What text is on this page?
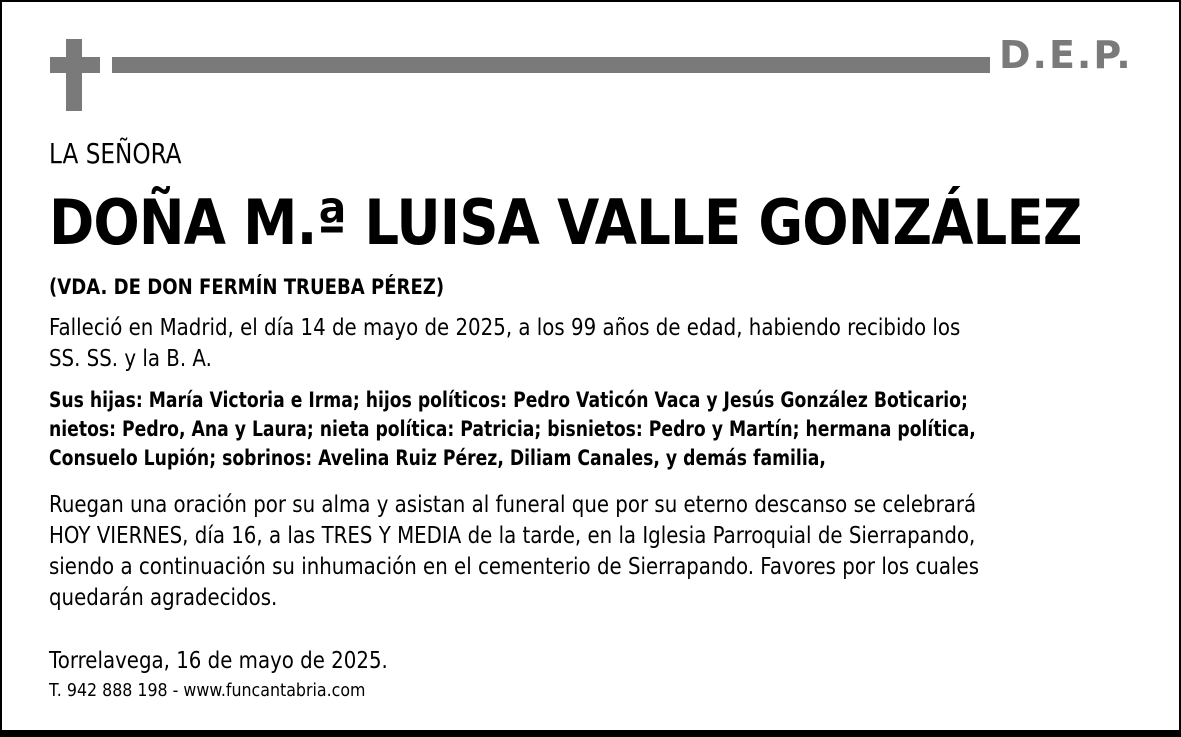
D.E.P.

LA SEÑORA

DOÑA M.ª LUISA VALLE GONZÁLEZ

(VDA. DE DON FERMÍN TRUEBA PÉREZ)

Falleció en Madrid, el día 14 de mayo de 2025, a los 99 años de edad, habiendo recibido los
SS. SS. y la B. A.

Sus hijas: María Victoria e Irma; hijos políticos: Pedro Vaticón Vaca y Jesús González Boticario;
nietos: Pedro, Ana y Laura; nieta política: Patricia; bisnietos: Pedro y Martín; hermana política,
Consuelo Lupión; sobrinos: Avelina Ruiz Pérez, Diliam Canales, y demás familia,

Ruegan una oración por su alma y asistan al funeral que por su eterno descanso se celebrará
HOY VIERNES, día 16, a las TRES Y MEDIA de la tarde, en la Iglesia Parroquial de Sierrapando,
siendo a continuación su inhumación en el cementerio de Sierrapando. Favores por los cuales
quedarán agradecidos.

Torrelavega, 16 de mayo de 2025.

T. 942 888 198 - www.funcantabria.com
